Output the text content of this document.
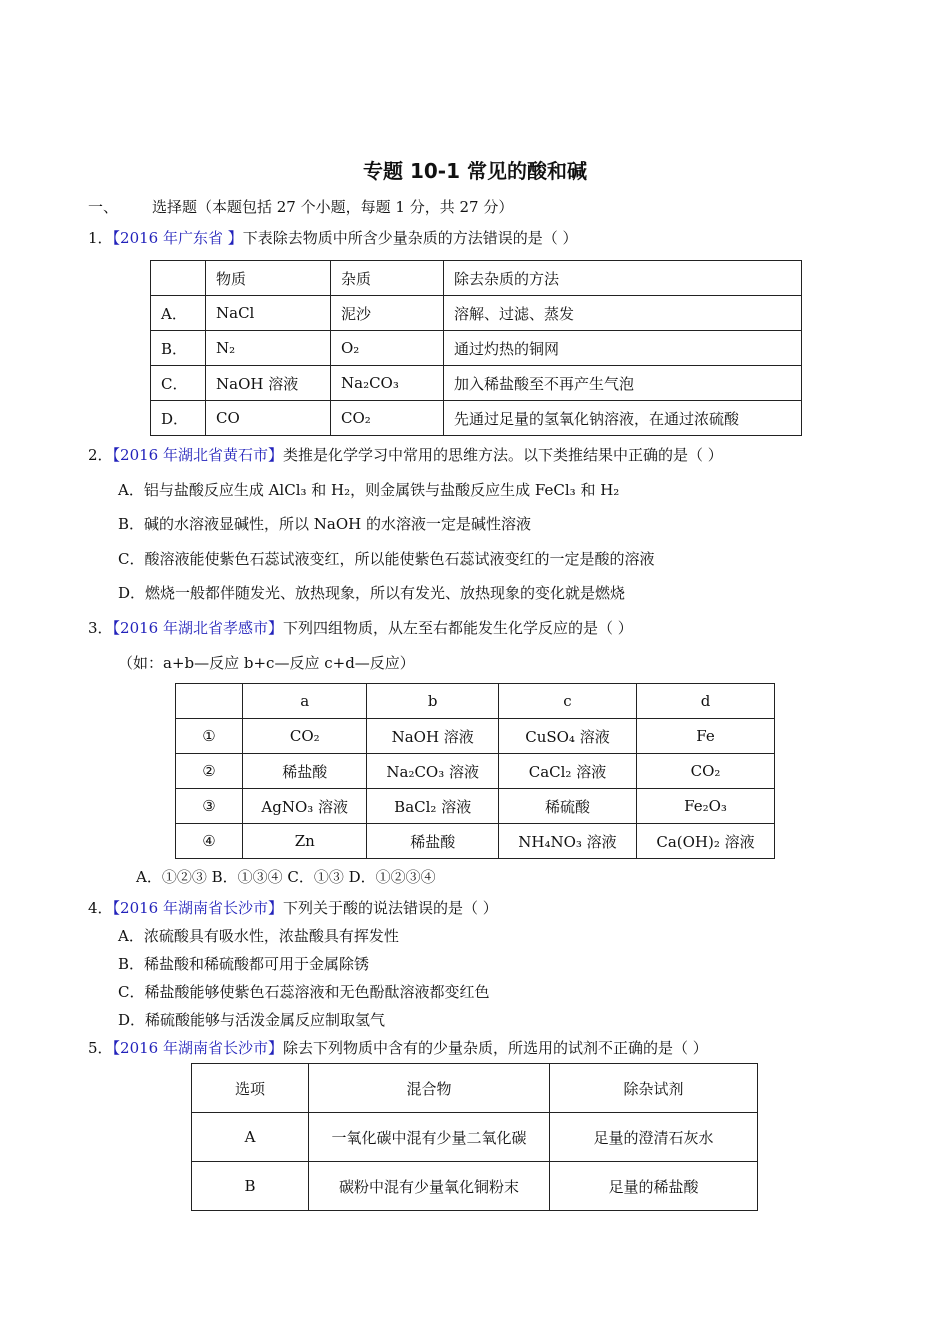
专题 10-1 常见的酸和碱
一、 选择题（本题包括 27 个小题，每题 1 分，共 27 分）
1．【2016 年广东省 】下表除去物质中所含少量杂质的方法错误的是（ ）
	物质	杂质	除去杂质的方法
A．	NaCl	泥沙	溶解、过滤、蒸发
B．	N₂	O₂	通过灼热的铜网
C．	NaOH 溶液	Na₂CO₃	加入稀盐酸至不再产生气泡
D．	CO	CO₂	先通过足量的氢氧化钠溶液，在通过浓硫酸
2．【2016 年湖北省黄石市】类推是化学学习中常用的思维方法。以下类推结果中正确的是（ ）
A．铝与盐酸反应生成 AlCl₃ 和 H₂，则金属铁与盐酸反应生成 FeCl₃ 和 H₂
B．碱的水溶液显碱性，所以 NaOH 的水溶液一定是碱性溶液
C．酸溶液能使紫色石蕊试液变红，所以能使紫色石蕊试液变红的一定是酸的溶液
D．燃烧一般都伴随发光、放热现象，所以有发光、放热现象的变化就是燃烧
3．【2016 年湖北省孝感市】下列四组物质，从左至右都能发生化学反应的是（ ）
（如：a+b—反应 b+c—反应 c+d—反应）
	a	b	c	d
①	CO₂	NaOH 溶液	CuSO₄ 溶液	Fe
②	稀盐酸	Na₂CO₃ 溶液	CaCl₂ 溶液	CO₂
③	AgNO₃ 溶液	BaCl₂ 溶液	稀硫酸	Fe₂O₃
④	Zn	稀盐酸	NH₄NO₃ 溶液	Ca(OH)₂ 溶液
A．①②③ B．①③④ C．①③ D．①②③④
4．【2016 年湖南省长沙市】下列关于酸的说法错误的是（ ）
A．浓硫酸具有吸水性，浓盐酸具有挥发性
B．稀盐酸和稀硫酸都可用于金属除锈
C．稀盐酸能够使紫色石蕊溶液和无色酚酞溶液都变红色
D．稀硫酸能够与活泼金属反应制取氢气
5．【2016 年湖南省长沙市】除去下列物质中含有的少量杂质，所选用的试剂不正确的是（ ）
选项	混合物	除杂试剂
A	一氧化碳中混有少量二氧化碳	足量的澄清石灰水
B	碳粉中混有少量氧化铜粉末	足量的稀盐酸
